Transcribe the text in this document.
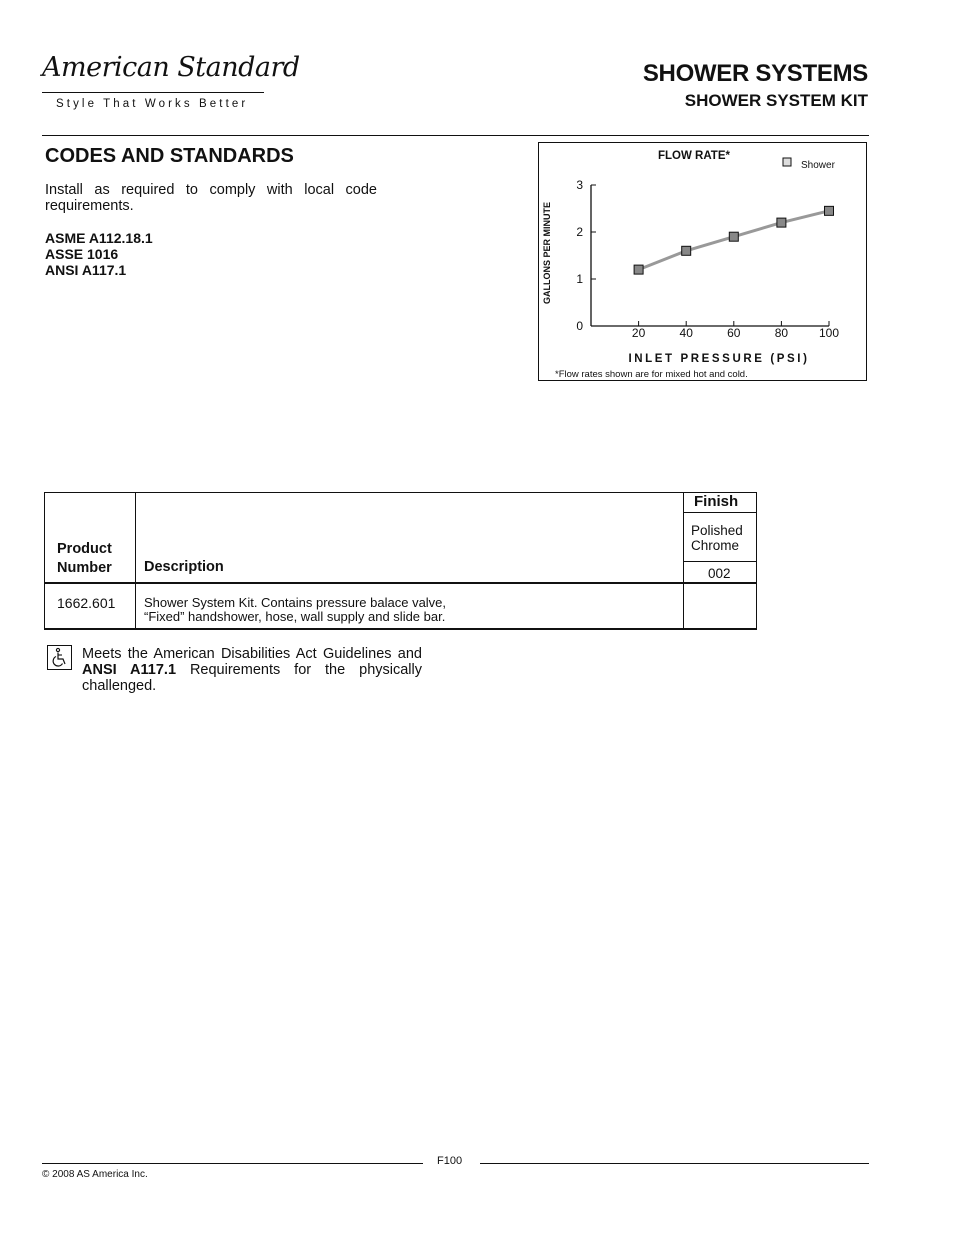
American Standard
Style That Works Better
SHOWER SYSTEMS
SHOWER SYSTEM KIT
CODES AND STANDARDS
Install as required to comply with local code requirements.
ASME A112.18.1
ASSE 1016
ANSI A117.1
0
1
2
3
20	40	60	80	100
Shower
FLOW RATE*
INLET PRESSURE (PSI)
GALLONS PER MINUTE
*Flow rates shown are for mixed hot and cold.
Product Number	Description
Finish
Polished Chrome
002
1662.601 Shower System Kit. Contains pressure balace valve,
“Fixed” handshower, hose, wall supply and slide bar.
Meets the American Disabilities Act Guidelines and ANSI A117.1 Requirements for the physically challenged.
F100
© 2008 AS America Inc.
